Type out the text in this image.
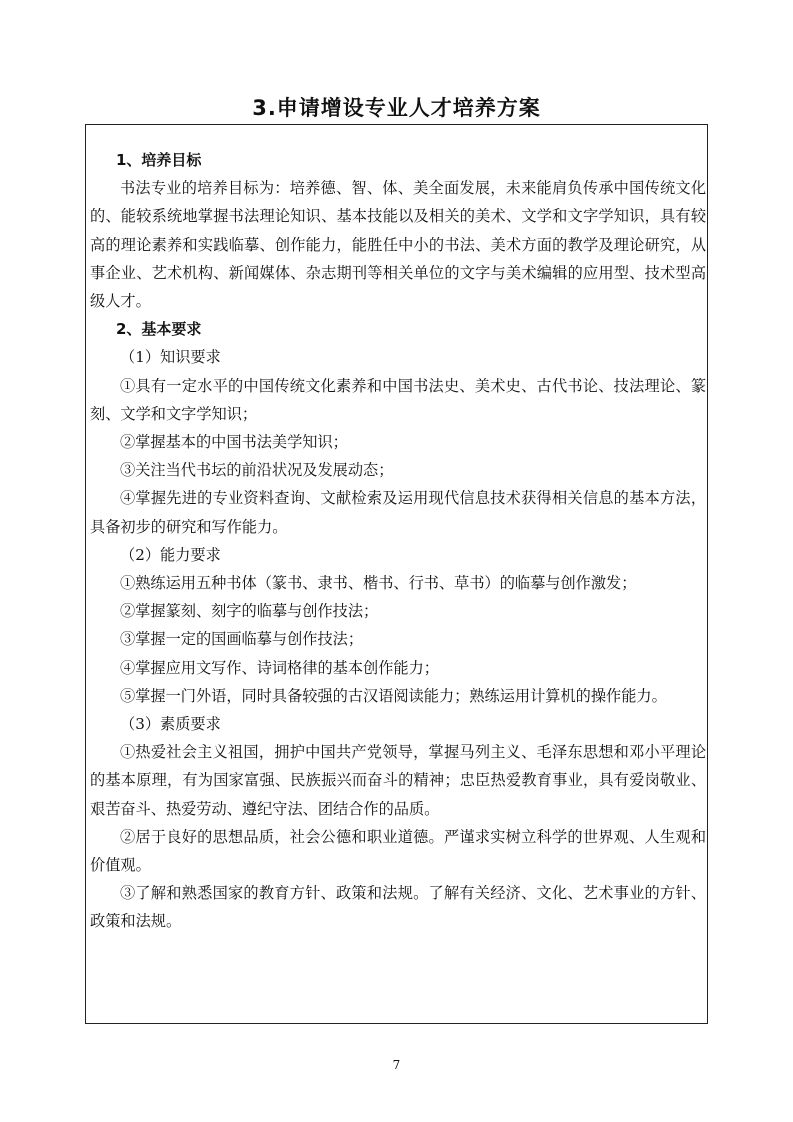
3.申请增设专业人才培养方案

1、培养目标

书法专业的培养目标为：培养德、智、体、美全面发展，未来能肩负传承中国传统文化的、能较系统地掌握书法理论知识、基本技能以及相关的美术、文学和文字学知识，具有较高的理论素养和实践临摹、创作能力，能胜任中小的书法、美术方面的教学及理论研究，从事企业、艺术机构、新闻媒体、杂志期刊等相关单位的文字与美术编辑的应用型、技术型高级人才。

2、基本要求

（1）知识要求

①具有一定水平的中国传统文化素养和中国书法史、美术史、古代书论、技法理论、篆刻、文学和文字学知识；

②掌握基本的中国书法美学知识；

③关注当代书坛的前沿状况及发展动态；

④掌握先进的专业资料查询、文献检索及运用现代信息技术获得相关信息的基本方法，具备初步的研究和写作能力。

（2）能力要求

①熟练运用五种书体（篆书、隶书、楷书、行书、草书）的临摹与创作激发；

②掌握篆刻、刻字的临摹与创作技法；

③掌握一定的国画临摹与创作技法；

④掌握应用文写作、诗词格律的基本创作能力；

⑤掌握一门外语，同时具备较强的古汉语阅读能力；熟练运用计算机的操作能力。

（3）素质要求

①热爱社会主义祖国，拥护中国共产党领导，掌握马列主义、毛泽东思想和邓小平理论的基本原理，有为国家富强、民族振兴而奋斗的精神；忠臣热爱教育事业，具有爱岗敬业、艰苦奋斗、热爱劳动、遵纪守法、团结合作的品质。

②居于良好的思想品质，社会公德和职业道德。严谨求实树立科学的世界观、人生观和价值观。

③了解和熟悉国家的教育方针、政策和法规。了解有关经济、文化、艺术事业的方针、政策和法规。

7
